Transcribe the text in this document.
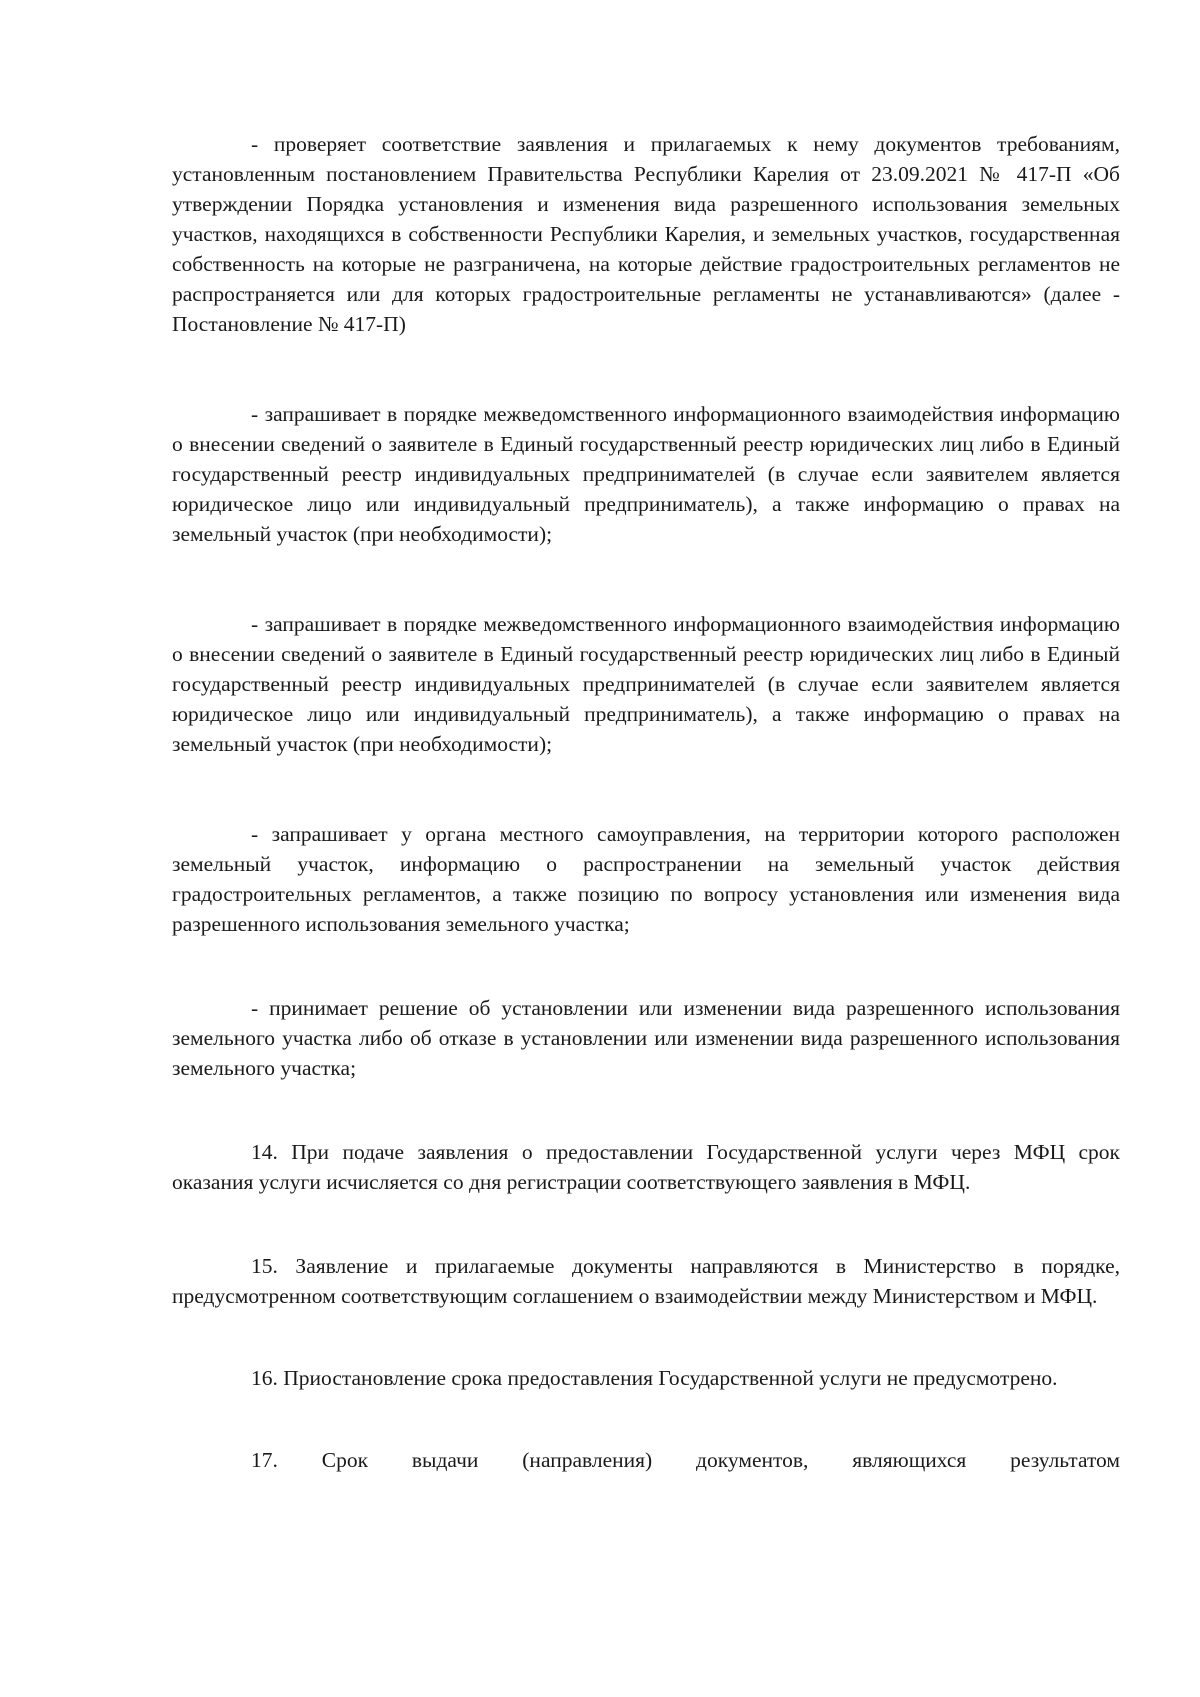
- проверяет соответствие заявления и прилагаемых к нему документов требованиям, установленным постановлением Правительства Республики Карелия от 23.09.2021 № 417-П «Об утверждении Порядка установления и изменения вида разрешенного использования земельных участков, находящихся в собственности Республики Карелия, и земельных участков, государственная собственность на которые не разграничена, на которые действие градостроительных регламентов не распространяется или для которых градостроительные регламенты не устанавливаются» (далее - Постановление № 417-П)

- запрашивает в порядке межведомственного информационного взаимодействия информацию о внесении сведений о заявителе в Единый государственный реестр юридических лиц либо в Единый государственный реестр индивидуальных предпринимателей (в случае если заявителем является юридическое лицо или индивидуальный предприниматель), а также информацию о правах на земельный участок (при необходимости);

- запрашивает в порядке межведомственного информационного взаимодействия информацию о внесении сведений о заявителе в Единый государственный реестр юридических лиц либо в Единый государственный реестр индивидуальных предпринимателей (в случае если заявителем является юридическое лицо или индивидуальный предприниматель), а также информацию о правах на земельный участок (при необходимости);

- запрашивает у органа местного самоуправления, на территории которого расположен земельный участок, информацию о распространении на земельный участок действия градостроительных регламентов, а также позицию по вопросу установления или изменения вида разрешенного использования земельного участка;

- принимает решение об установлении или изменении вида разрешенного использования земельного участка либо об отказе в установлении или изменении вида разрешенного использования земельного участка;

14. При подаче заявления о предоставлении Государственной услуги через МФЦ срок оказания услуги исчисляется со дня регистрации соответствующего заявления в МФЦ.

15. Заявление и прилагаемые документы направляются в Министерство в порядке, предусмотренном соответствующим соглашением о взаимодействии между Министерством и МФЦ.

16. Приостановление срока предоставления Государственной услуги не предусмотрено.

17. Срок выдачи (направления) документов, являющихся результатом
